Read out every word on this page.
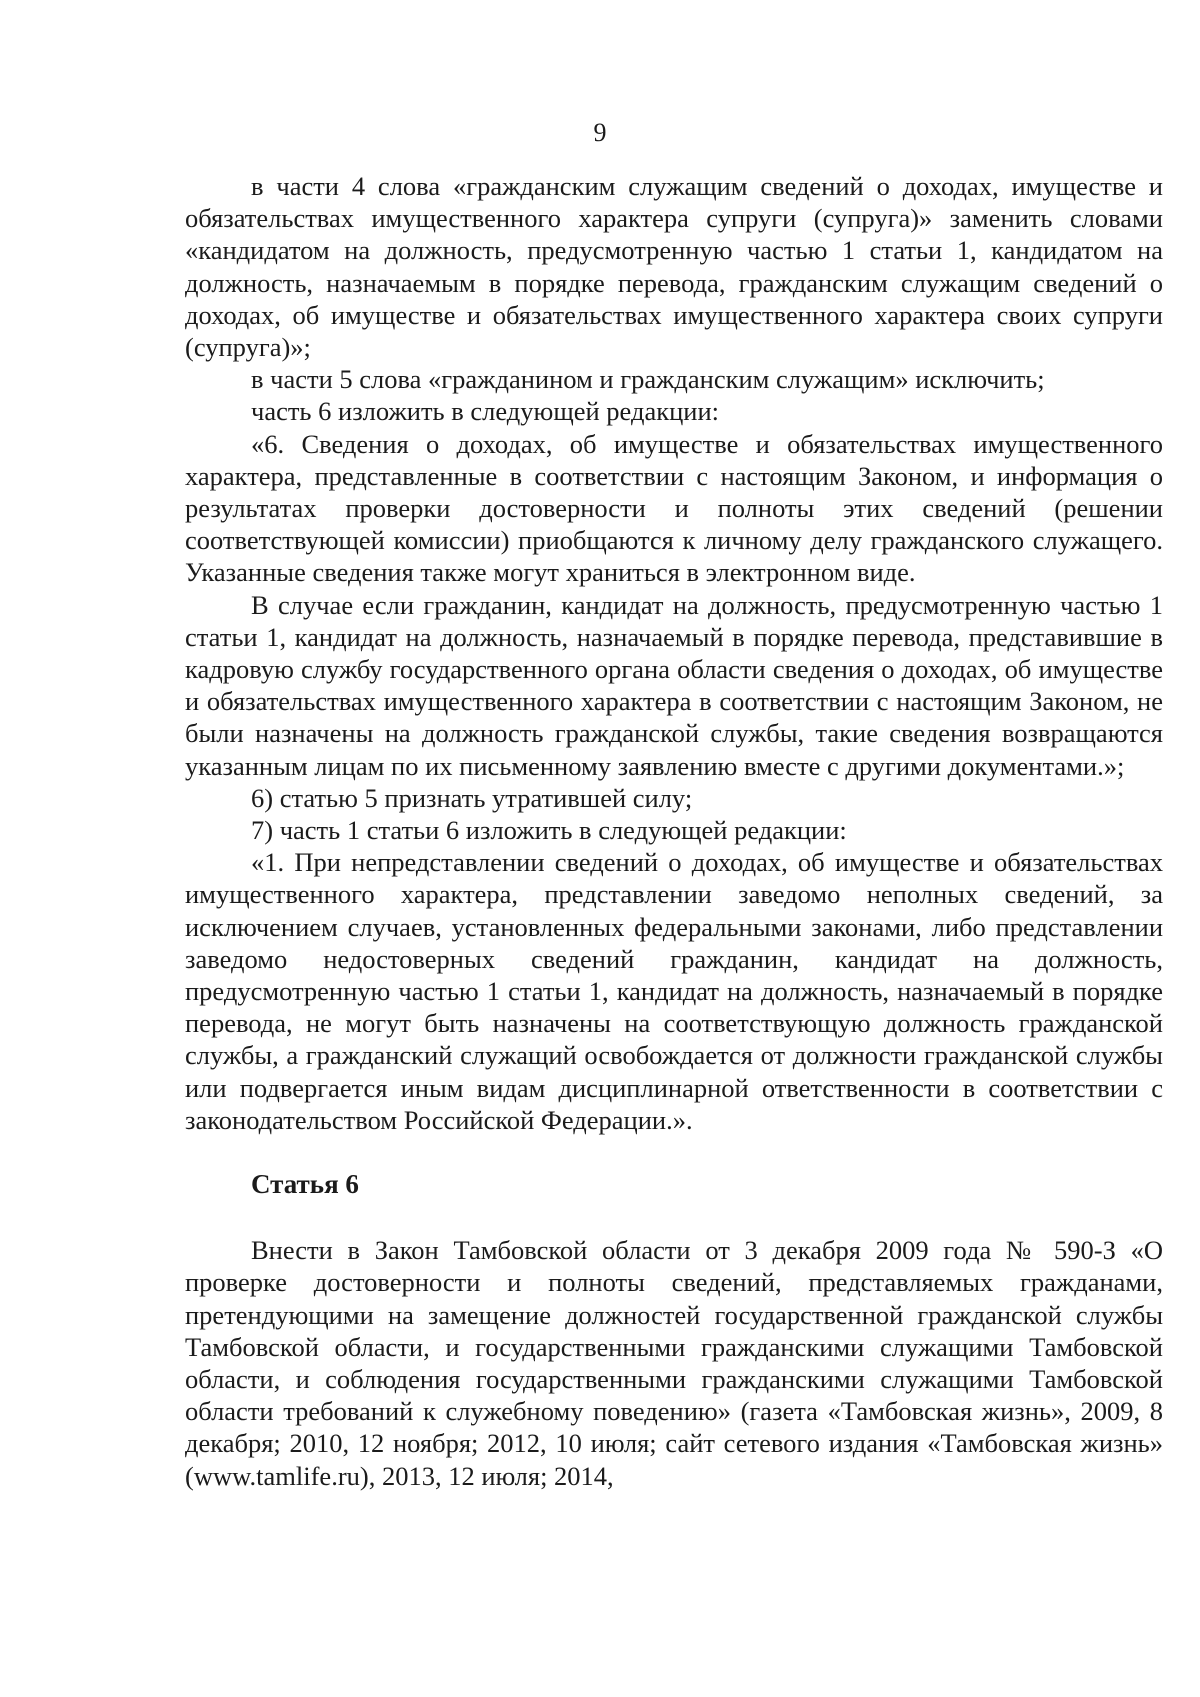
9

в части 4 слова «гражданским служащим сведений о доходах, имуществе и обязательствах имущественного характера супруги (супруга)» заменить словами «кандидатом на должность, предусмотренную частью 1 статьи 1, кандидатом на должность, назначаемым в порядке перевода, гражданским служащим сведений о доходах, об имуществе и обязательствах имущественного характера своих супруги (супруга)»;

в части 5 слова «гражданином и гражданским служащим» исключить;

часть 6 изложить в следующей редакции:

«6. Сведения о доходах, об имуществе и обязательствах имущественного характера, представленные в соответствии с настоящим Законом, и информация о результатах проверки достоверности и полноты этих сведений (решении соответствующей комиссии) приобщаются к личному делу гражданского служащего. Указанные сведения также могут храниться в электронном виде.

В случае если гражданин, кандидат на должность, предусмотренную частью 1 статьи 1, кандидат на должность, назначаемый в порядке перевода, представившие в кадровую службу государственного органа области сведения о доходах, об имуществе и обязательствах имущественного характера в соответствии с настоящим Законом, не были назначены на должность гражданской службы, такие сведения возвращаются указанным лицам по их письменному заявлению вместе с другими документами.»;

6) статью 5 признать утратившей силу;

7) часть 1 статьи 6 изложить в следующей редакции:

«1. При непредставлении сведений о доходах, об имуществе и обязательствах имущественного характера, представлении заведомо неполных сведений, за исключением случаев, установленных федеральными законами, либо представлении заведомо недостоверных сведений гражданин, кандидат на должность, предусмотренную частью 1 статьи 1, кандидат на должность, назначаемый в порядке перевода, не могут быть назначены на соответствующую должность гражданской службы, а гражданский служащий освобождается от должности гражданской службы или подвергается иным видам дисциплинарной ответственности в соответствии с законодательством Российской Федерации.».

Статья 6

Внести в Закон Тамбовской области от 3 декабря 2009 года № 590-З «О проверке достоверности и полноты сведений, представляемых гражданами, претендующими на замещение должностей государственной гражданской службы Тамбовской области, и государственными гражданскими служащими Тамбовской области, и соблюдения государственными гражданскими служащими Тамбовской области требований к служебному поведению» (газета «Тамбовская жизнь», 2009, 8 декабря; 2010, 12 ноября; 2012, 10 июля; сайт сетевого издания «Тамбовская жизнь» (www.tamlife.ru), 2013, 12 июля; 2014,
